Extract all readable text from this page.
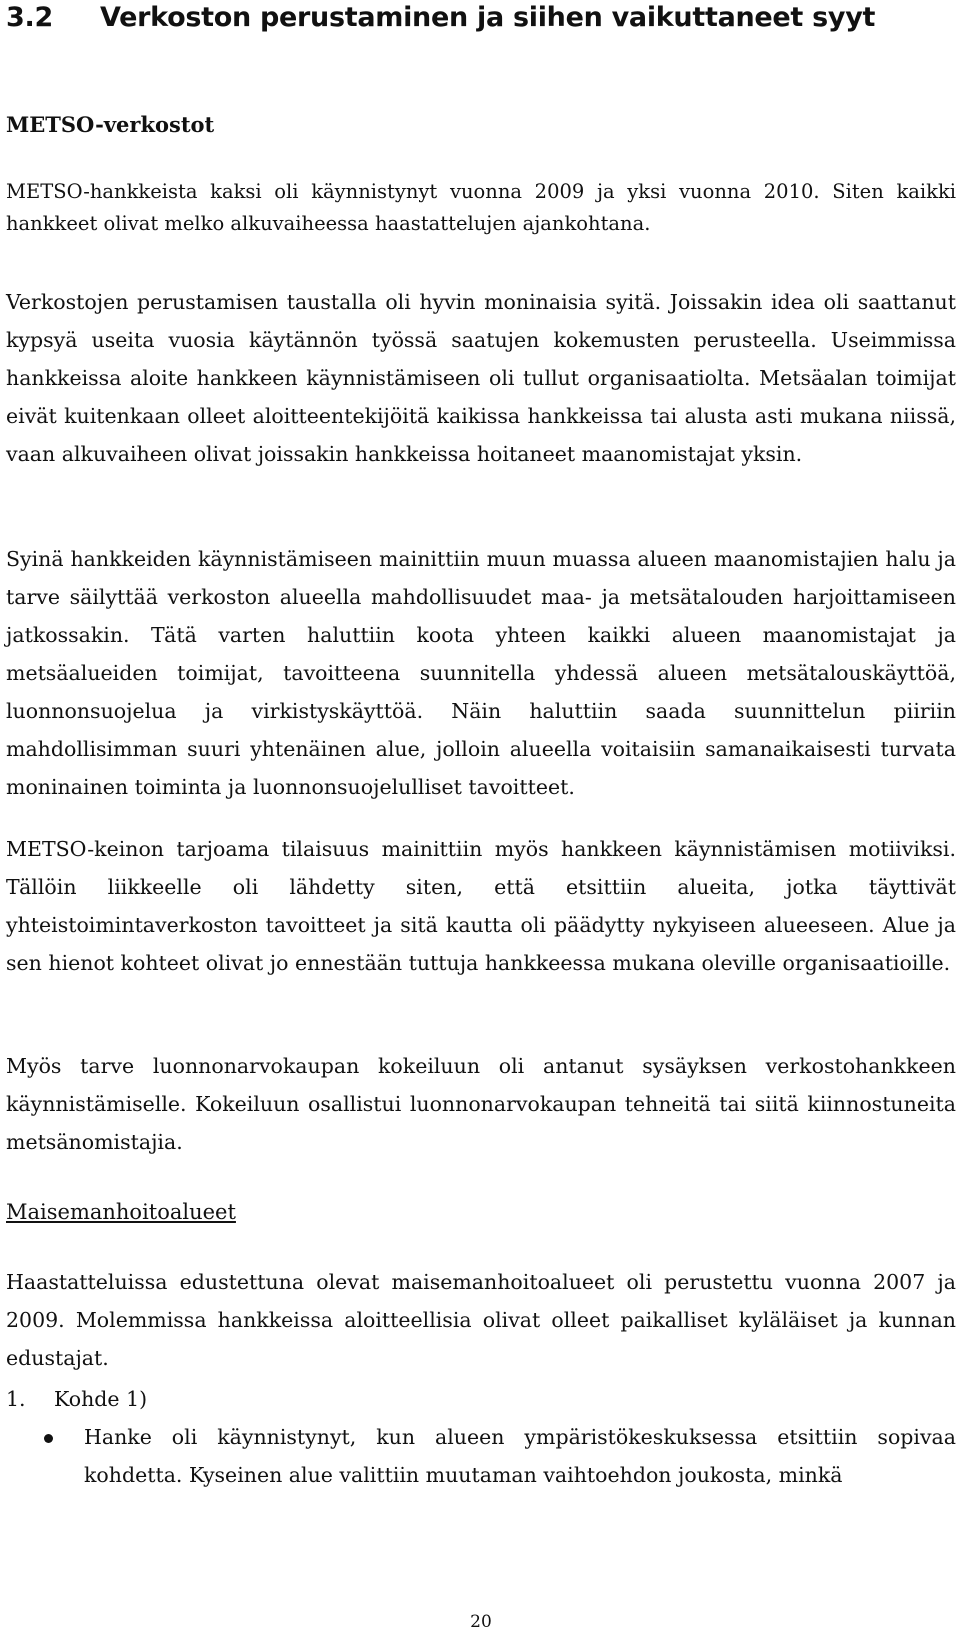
3.2 Verkoston perustaminen ja siihen vaikuttaneet syyt
METSO-verkostot
METSO-hankkeista kaksi oli käynnistynyt vuonna 2009 ja yksi vuonna 2010. Siten kaikki hankkeet olivat melko alkuvaiheessa haastattelujen ajankohtana.
Verkostojen perustamisen taustalla oli hyvin moninaisia syitä. Joissakin idea oli saattanut kypsyä useita vuosia käytännön työssä saatujen kokemusten perusteella. Useimmissa hankkeissa aloite hankkeen käynnistämiseen oli tullut organisaatiolta. Metsäalan toimijat eivät kuitenkaan olleet aloitteentekijöitä kaikissa hankkeissa tai alusta asti mukana niissä, vaan alkuvaiheen olivat joissakin hankkeissa hoitaneet maanomistajat yksin.
Syinä hankkeiden käynnistämiseen mainittiin muun muassa alueen maanomistajien halu ja tarve säilyttää verkoston alueella mahdollisuudet maa- ja metsätalouden harjoittamiseen jatkossakin. Tätä varten haluttiin koota yhteen kaikki alueen maanomistajat ja metsäalueiden toimijat, tavoitteena suunnitella yhdessä alueen metsätalouskäyttöä, luonnonsuojelua ja virkistyskäyttöä. Näin haluttiin saada suunnittelun piiriin mahdollisimman suuri yhtenäinen alue, jolloin alueella voitaisiin samanaikaisesti turvata moninainen toiminta ja luonnonsuojelulliset tavoitteet.
METSO-keinon tarjoama tilaisuus mainittiin myös hankkeen käynnistämisen motiiviksi. Tällöin liikkeelle oli lähdetty siten, että etsittiin alueita, jotka täyttivät yhteistoimintaverkoston tavoitteet ja sitä kautta oli päädytty nykyiseen alueeseen. Alue ja sen hienot kohteet olivat jo ennestään tuttuja hankkeessa mukana oleville organisaatioille.
Myös tarve luonnonarvokaupan kokeiluun oli antanut sysäyksen verkostohankkeen käynnistämiselle. Kokeiluun osallistui luonnonarvokaupan tehneitä tai siitä kiinnostuneita metsänomistajia.
Maisemanhoitoalueet
Haastatteluissa edustettuna olevat maisemanhoitoalueet oli perustettu vuonna 2007 ja 2009. Molemmissa hankkeissa aloitteellisia olivat olleet paikalliset kyläläiset ja kunnan edustajat.
1. Kohde 1)
Hanke oli käynnistynyt, kun alueen ympäristökeskuksessa etsittiin sopivaa kohdetta. Kyseinen alue valittiin muutaman vaihtoehdon joukosta, minkä
20
